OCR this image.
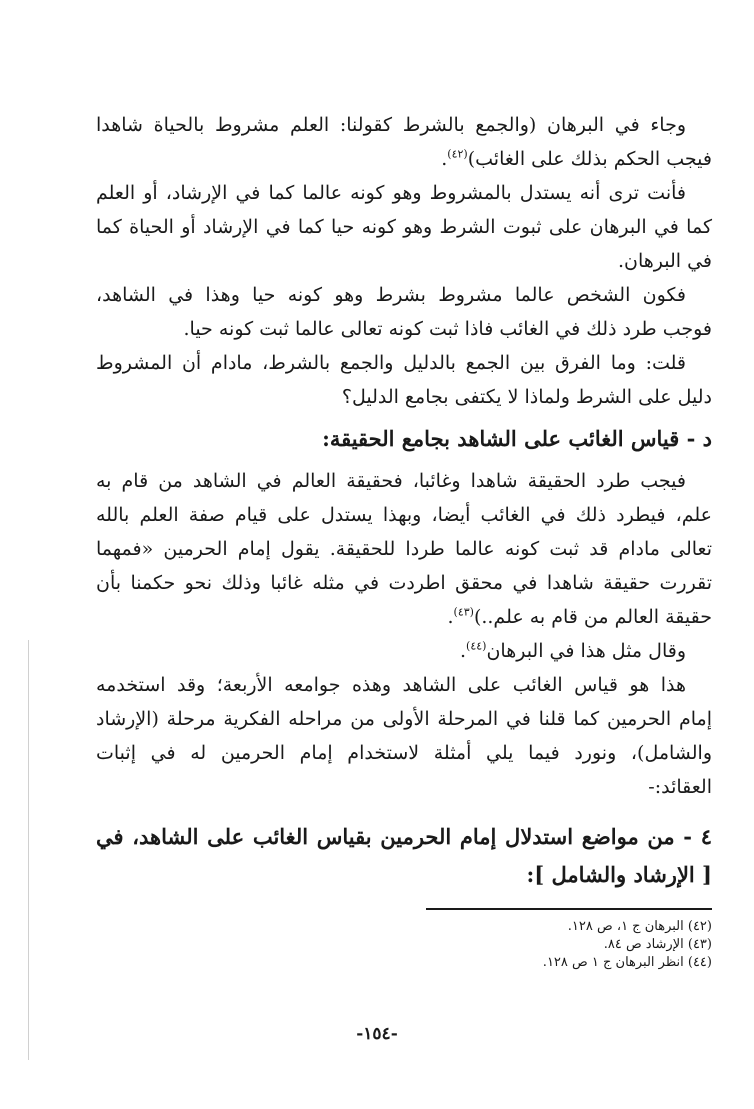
وجاء في البرهان (والجمع بالشرط كقولنا: العلم مشروط بالحياة شاهدا
فيجب الحكم بذلك على الغائب)$^{(٤٢)}$.

فأنت ترى أنه يستدل بالمشروط وهو كونه عالما كما في الإرشاد، أو العلم
كما في البرهان على ثبوت الشرط وهو كونه حيا كما في الإرشاد أو الحياة كما
في البرهان.

فكون الشخص عالما مشروط بشرط وهو كونه حيا وهذا في الشاهد،
فوجب طرد ذلك في الغائب فاذا ثبت كونه تعالى عالما ثبت كونه حيا.

قلت: وما الفرق بين الجمع بالدليل والجمع بالشرط، مادام أن المشروط
دليل على الشرط ولماذا لا يكتفى بجامع الدليل؟

د - قياس الغائب على الشاهد بجامع الحقيقة:

فيجب طرد الحقيقة شاهدا وغائبا، فحقيقة العالم في الشاهد من قام به
علم، فيطرد ذلك في الغائب أيضا، وبهذا يستدل على قيام صفة العلم بالله
تعالى مادام قد ثبت كونه عالما طردا للحقيقة. يقول إمام الحرمين «فمهما
تقررت حقيقة شاهدا في محقق اطردت في مثله غائبا وذلك نحو حكمنا بأن
حقيقة العالم من قام به علم..)$^{(٤٣)}$.

وقال مثل هذا في البرهان$^{(٤٤)}$.

هذا هو قياس الغائب على الشاهد وهذه جوامعه الأربعة؛ وقد استخدمه
إمام الحرمين كما قلنا في المرحلة الأولى من مراحله الفكرية مرحلة (الإرشاد
والشامل)، ونورد فيما يلي أمثلة لاستخدام إمام الحرمين له في إثبات
العقائد:-

٤ - من مواضع استدلال إمام الحرمين بقياس الغائب على الشاهد، في
[ الإرشاد والشامل ]:
(٤٢) البرهان ج ١، ص ١٢٨.
(٤٣) الإرشاد ص ٨٤.
(٤٤) انظر البرهان ج ١ ص ١٢٨.
-١٥٤-
